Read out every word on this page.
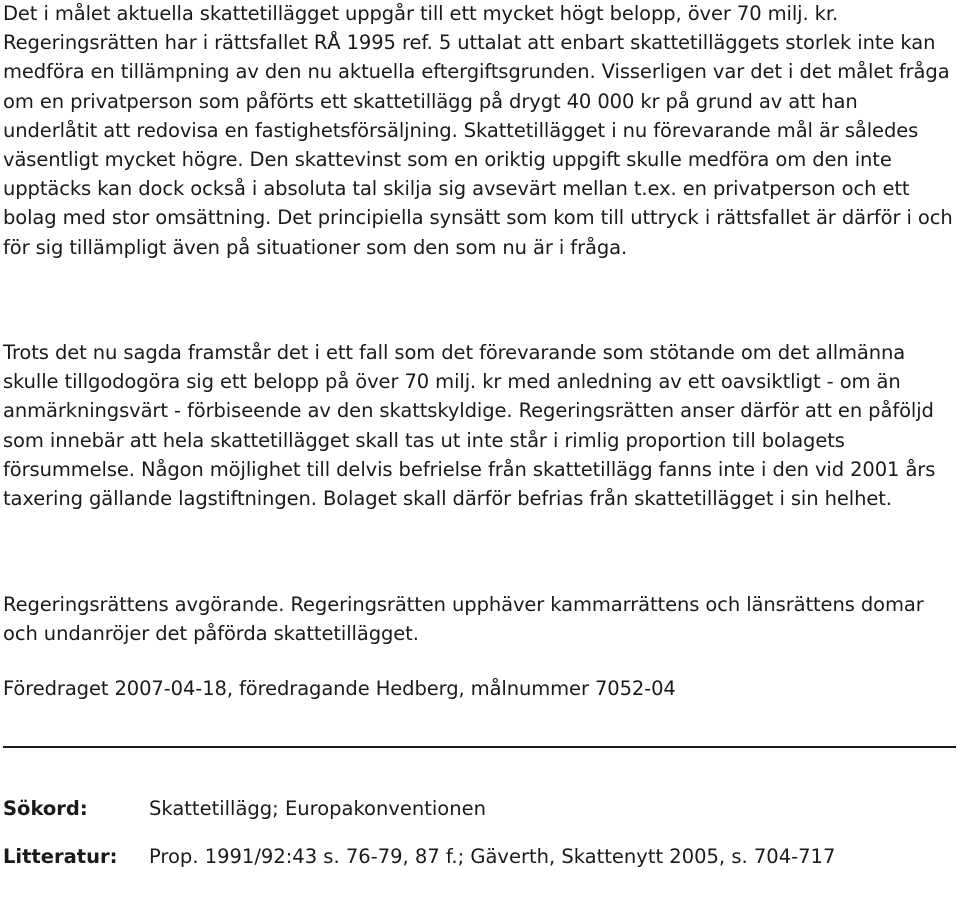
Det i målet aktuella skattetillägget uppgår till ett mycket högt belopp, över 70 milj. kr. Regeringsrätten har i rättsfallet RÅ 1995 ref. 5 uttalat att enbart skattetilläggets storlek inte kan medföra en tillämpning av den nu aktuella eftergiftsgrunden. Visserligen var det i det målet fråga om en privatperson som påförts ett skattetillägg på drygt 40 000 kr på grund av att han underlåtit att redovisa en fastighetsförsäljning. Skattetillägget i nu förevarande mål är således väsentligt mycket högre. Den skattevinst som en oriktig uppgift skulle medföra om den inte upptäcks kan dock också i absoluta tal skilja sig avsevärt mellan t.ex. en privatperson och ett bolag med stor omsättning. Det principiella synsätt som kom till uttryck i rättsfallet är därför i och för sig tillämpligt även på situationer som den som nu är i fråga.

Trots det nu sagda framstår det i ett fall som det förevarande som stötande om det allmänna skulle tillgodogöra sig ett belopp på över 70 milj. kr med anledning av ett oavsiktligt - om än anmärkningsvärt - förbiseende av den skattskyldige. Regeringsrätten anser därför att en påföljd som innebär att hela skattetillägget skall tas ut inte står i rimlig proportion till bolagets försummelse. Någon möjlighet till delvis befrielse från skattetillägg fanns inte i den vid 2001 års taxering gällande lagstiftningen. Bolaget skall därför befrias från skattetillägget i sin helhet.

Regeringsrättens avgörande. Regeringsrätten upphäver kammarrättens och länsrättens domar och undanröjer det påförda skattetillägget.

Föredraget 2007-04-18, föredragande Hedberg, målnummer 7052-04

Sökord:	Skattetillägg; Europakonventionen
Litteratur: Prop. 1991/92:43 s. 76-79, 87 f.; Gäverth, Skattenytt 2005, s. 704-717
